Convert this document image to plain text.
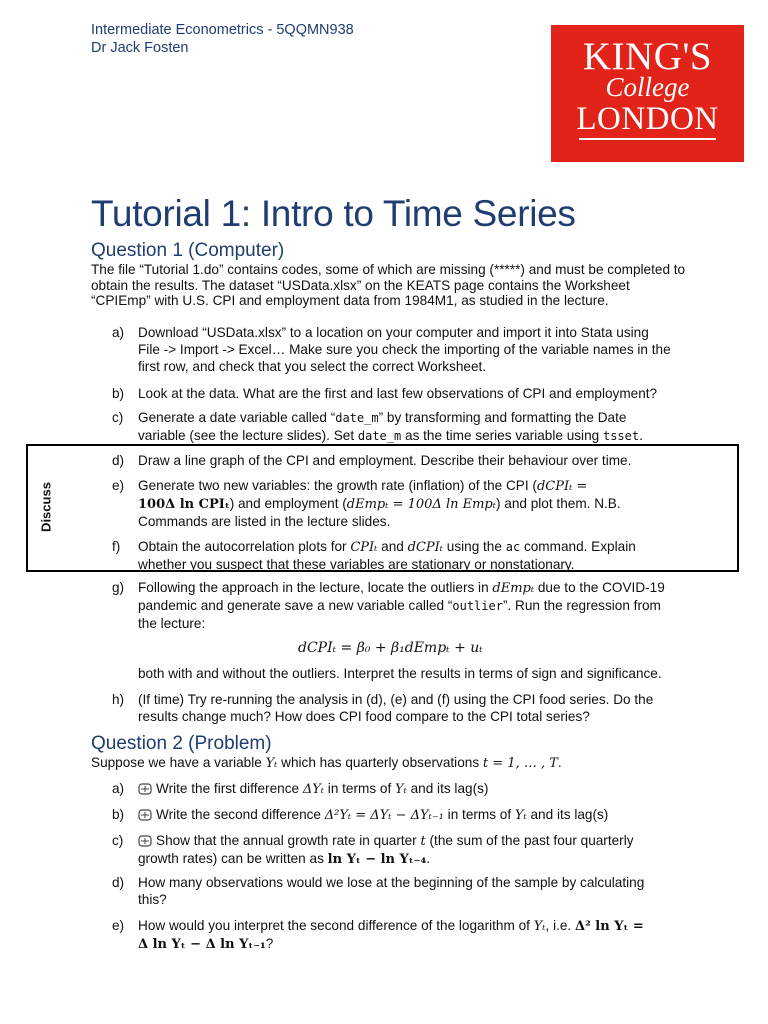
Intermediate Econometrics - 5QQMN938
Dr Jack Fosten	KING'S
College
LONDON
Tutorial 1: Intro to Time Series
Question 1 (Computer)
The file “Tutorial 1.do” contains codes, some of which are missing (*****) and must be completed to obtain the results. The dataset “USData.xlsx” on the KEATS page contains the Worksheet “CPIEmp” with U.S. CPI and employment data from 1984M1, as studied in the lecture.
a)	Download “USData.xlsx” to a location on your computer and import it into Stata using File -> Import -> Excel… Make sure you check the importing of the variable names in the first row, and check that you select the correct Worksheet.
b)	Look at the data. What are the first and last few observations of CPI and employment?
c)	Generate a date variable called “date_m” by transforming and formatting the Date variable (see the lecture slides). Set date_m as the time series variable using tsset.
Discuss
d)	Draw a line graph of the CPI and employment. Describe their behaviour over time.
e)	Generate two new variables: the growth rate (inflation) of the CPI (dCPIₜ =
100Δ ln CPIₜ) and employment (dEmpₜ = 100Δ ln Empₜ) and plot them. N.B. Commands are listed in the lecture slides.
f)	Obtain the autocorrelation plots for CPIₜ and dCPIₜ using the ac command. Explain whether you suspect that these variables are stationary or nonstationary.
g)	Following the approach in the lecture, locate the outliers in dEmpₜ due to the COVID-19 pandemic and generate save a new variable called “outlier”. Run the regression from the lecture:
dCPIₜ = β₀ + β₁dEmpₜ + uₜ
both with and without the outliers. Interpret the results in terms of sign and significance.
h)	(If time) Try re-running the analysis in (d), (e) and (f) using the CPI food series. Do the results change much? How does CPI food compare to the CPI total series?
Question 2 (Problem)
Suppose we have a variable Yₜ which has quarterly observations t = 1, … , T.
a)	Write the first difference ΔYₜ in terms of Yₜ and its lag(s)
b)	Write the second difference Δ²Yₜ = ΔYₜ − ΔYₜ₋₁ in terms of Yₜ and its lag(s)
c)	Show that the annual growth rate in quarter t (the sum of the past four quarterly growth rates) can be written as ln Yₜ − ln Yₜ₋₄.
d)	How many observations would we lose at the beginning of the sample by calculating this?
e)	How would you interpret the second difference of the logarithm of Yₜ, i.e. Δ² ln Yₜ =
Δ ln Yₜ − Δ ln Yₜ₋₁?
